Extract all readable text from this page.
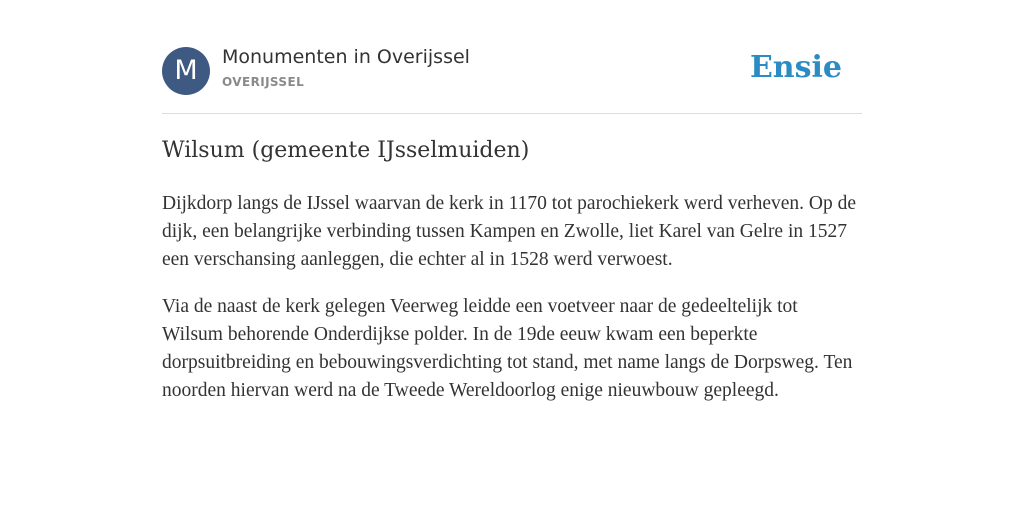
M	Monumenten in Overijssel
OVERIJSSEL	Ensie
Wilsum (gemeente IJsselmuiden)

Dijkdorp langs de IJssel waarvan de kerk in 1170 tot parochiekerk werd verheven. Op de dijk, een belangrijke verbinding tussen Kampen en Zwolle, liet Karel van Gelre in 1527 een verschansing aanleggen, die echter al in 1528 werd verwoest.

Via de naast de kerk gelegen Veerweg leidde een voetveer naar de gedeeltelijk tot Wilsum behorende Onderdijkse polder. In de 19de eeuw kwam een beperkte dorpsuitbreiding en bebouwingsverdichting tot stand, met name langs de Dorpsweg. Ten noorden hiervan werd na de Tweede Wereldoorlog enige nieuwbouw gepleegd.
